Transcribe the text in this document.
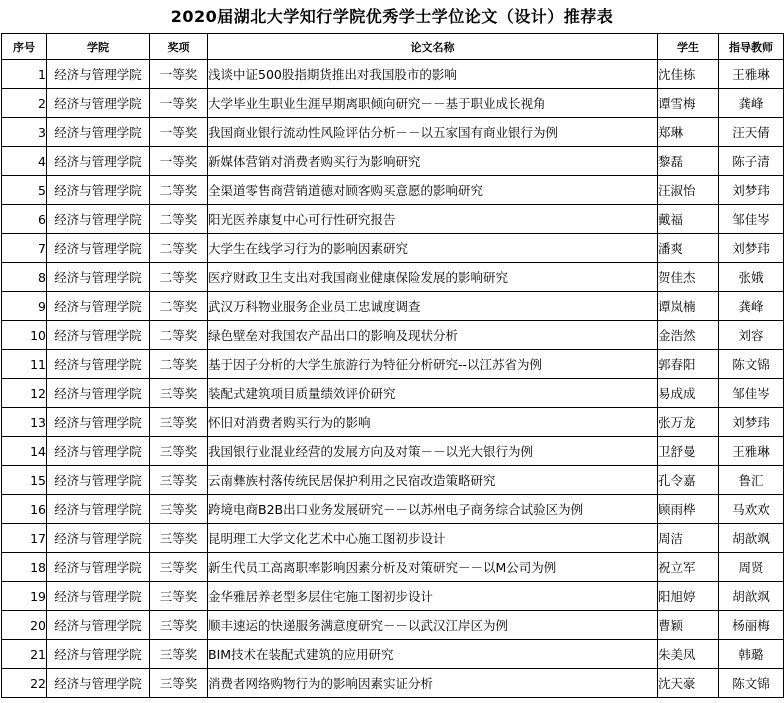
2020届湖北大学知行学院优秀学士学位论文（设计）推荐表
序号	学院	奖项	论文名称	学生	指导教师
1	经济与管理学院	一等奖	浅谈中证500股指期货推出对我国股市的影响	沈佳栋	王雅琳
2	经济与管理学院	一等奖	大学毕业生职业生涯早期离职倾向研究－－基于职业成长视角	谭雪梅	龚峰
3	经济与管理学院	一等奖	我国商业银行流动性风险评估分析－－以五家国有商业银行为例	郑琳	汪天倩
4	经济与管理学院	一等奖	新媒体营销对消费者购买行为影响研究	黎磊	陈子清
5	经济与管理学院	二等奖	全渠道零售商营销道德对顾客购买意愿的影响研究	汪淑怡	刘梦玮
6	经济与管理学院	二等奖	阳光医养康复中心可行性研究报告	戴福	邹佳岑
7	经济与管理学院	二等奖	大学生在线学习行为的影响因素研究	潘爽	刘梦玮
8	经济与管理学院	二等奖	医疗财政卫生支出对我国商业健康保险发展的影响研究	贺佳杰	张娥
9	经济与管理学院	二等奖	武汉万科物业服务企业员工忠诚度调查	谭岚楠	龚峰
10	经济与管理学院	二等奖	绿色壁垒对我国农产品出口的影响及现状分析	金浩然	刘容
11	经济与管理学院	二等奖	基于因子分析的大学生旅游行为特征分析研究--以江苏省为例	郭春阳	陈文锦
12	经济与管理学院	三等奖	装配式建筑项目质量绩效评价研究	易成成	邹佳岑
13	经济与管理学院	三等奖	怀旧对消费者购买行为的影响	张万龙	刘梦玮
14	经济与管理学院	三等奖	我国银行业混业经营的发展方向及对策－－以光大银行为例	卫舒曼	王雅琳
15	经济与管理学院	三等奖	云南彝族村落传统民居保护利用之民宿改造策略研究	孔令嘉	鲁汇
16	经济与管理学院	三等奖	跨境电商B2B出口业务发展研究－－以苏州电子商务综合试验区为例	顾雨桦	马欢欢
17	经济与管理学院	三等奖	昆明理工大学文化艺术中心施工图初步设计	周洁	胡歆飒
18	经济与管理学院	三等奖	新生代员工高离职率影响因素分析及对策研究－－以M公司为例	祝立军	周贤
19	经济与管理学院	三等奖	金华雅居养老型多层住宅施工图初步设计	阳旭婷	胡歆飒
20	经济与管理学院	三等奖	顺丰速运的快递服务满意度研究－－以武汉江岸区为例	曹颖	杨丽梅
21	经济与管理学院	三等奖	BIM技术在装配式建筑的应用研究	朱美凤	韩璐
22	经济与管理学院	三等奖	消费者网络购物行为的影响因素实证分析	沈天豪	陈文锦
